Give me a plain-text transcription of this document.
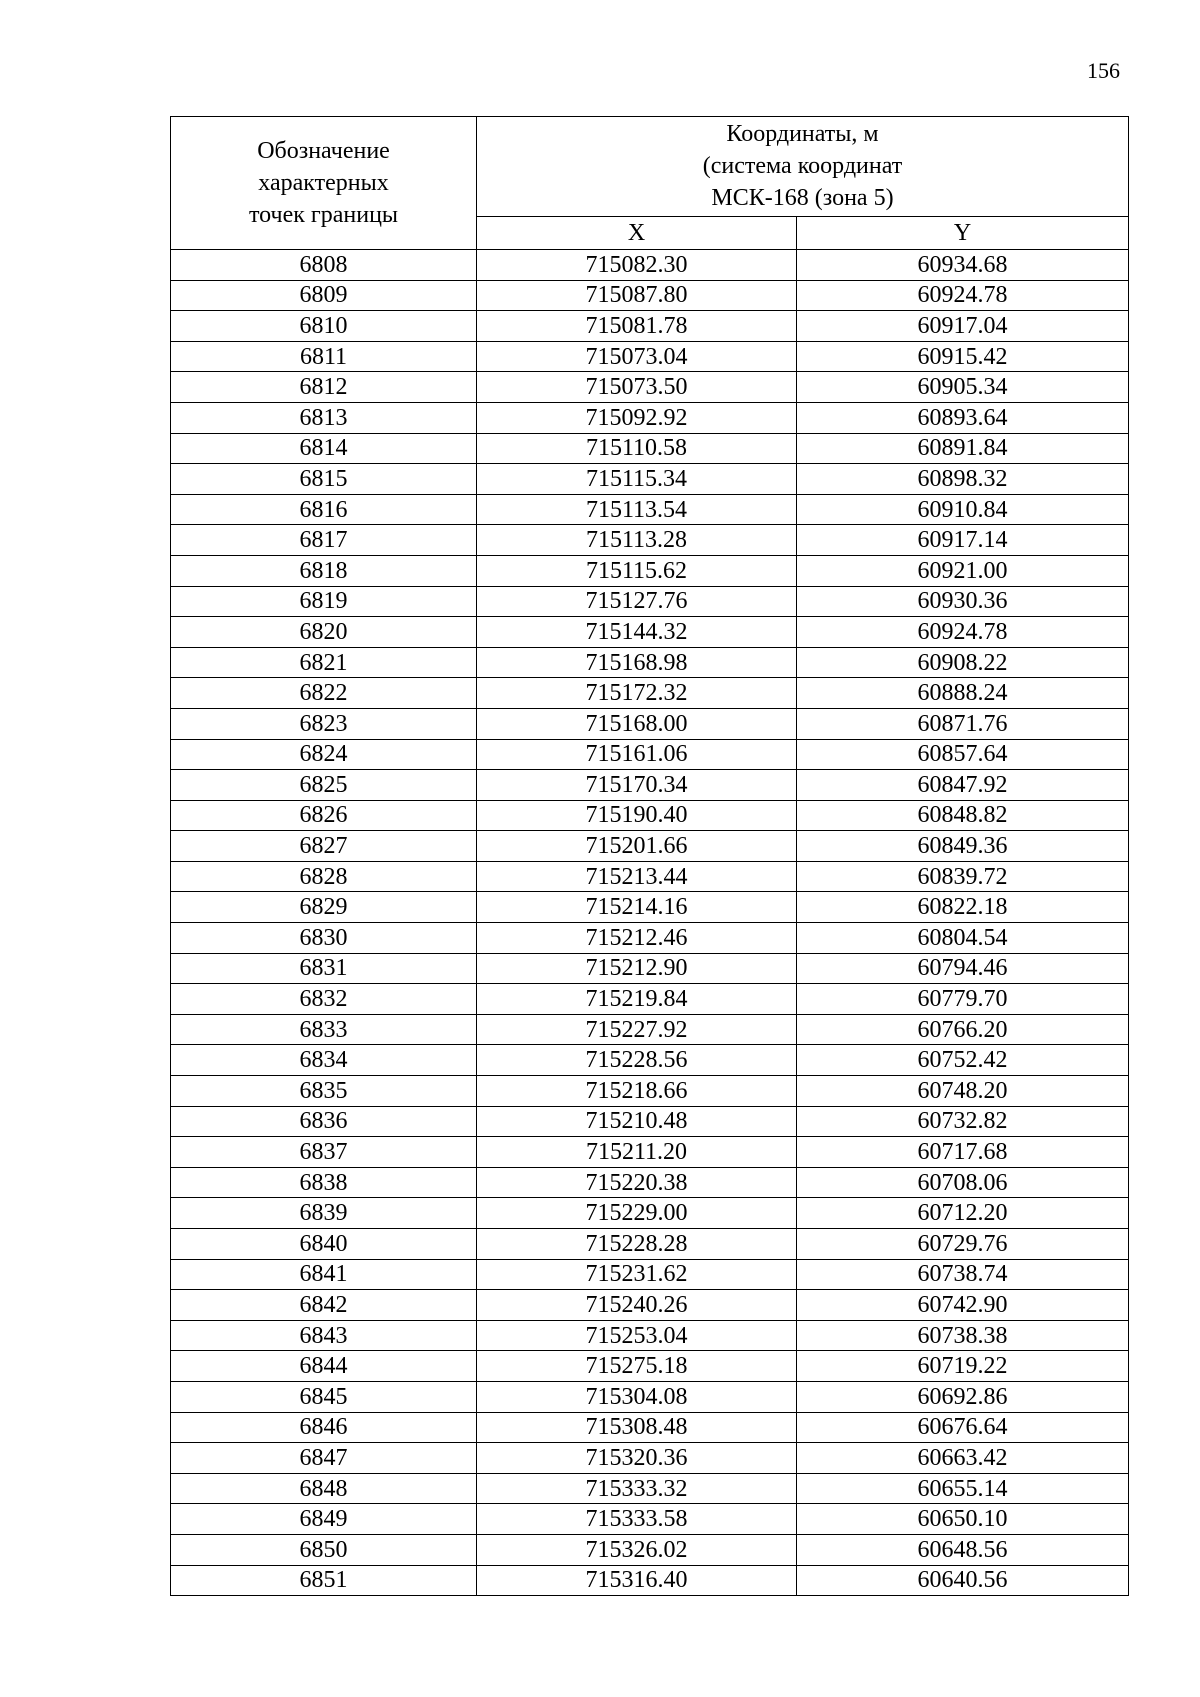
156
Обозначение
характерных
точек границы	Координаты, м
(система координат
МСК-168 (зона 5)	

	X	Y
6808	715082.30	60934.68
6809	715087.80	60924.78
6810	715081.78	60917.04
6811	715073.04	60915.42
6812	715073.50	60905.34
6813	715092.92	60893.64
6814	715110.58	60891.84
6815	715115.34	60898.32
6816	715113.54	60910.84
6817	715113.28	60917.14
6818	715115.62	60921.00
6819	715127.76	60930.36
6820	715144.32	60924.78
6821	715168.98	60908.22
6822	715172.32	60888.24
6823	715168.00	60871.76
6824	715161.06	60857.64
6825	715170.34	60847.92
6826	715190.40	60848.82
6827	715201.66	60849.36
6828	715213.44	60839.72
6829	715214.16	60822.18
6830	715212.46	60804.54
6831	715212.90	60794.46
6832	715219.84	60779.70
6833	715227.92	60766.20
6834	715228.56	60752.42
6835	715218.66	60748.20
6836	715210.48	60732.82
6837	715211.20	60717.68
6838	715220.38	60708.06
6839	715229.00	60712.20
6840	715228.28	60729.76
6841	715231.62	60738.74
6842	715240.26	60742.90
6843	715253.04	60738.38
6844	715275.18	60719.22
6845	715304.08	60692.86
6846	715308.48	60676.64
6847	715320.36	60663.42
6848	715333.32	60655.14
6849	715333.58	60650.10
6850	715326.02	60648.56
6851	715316.40	60640.56
